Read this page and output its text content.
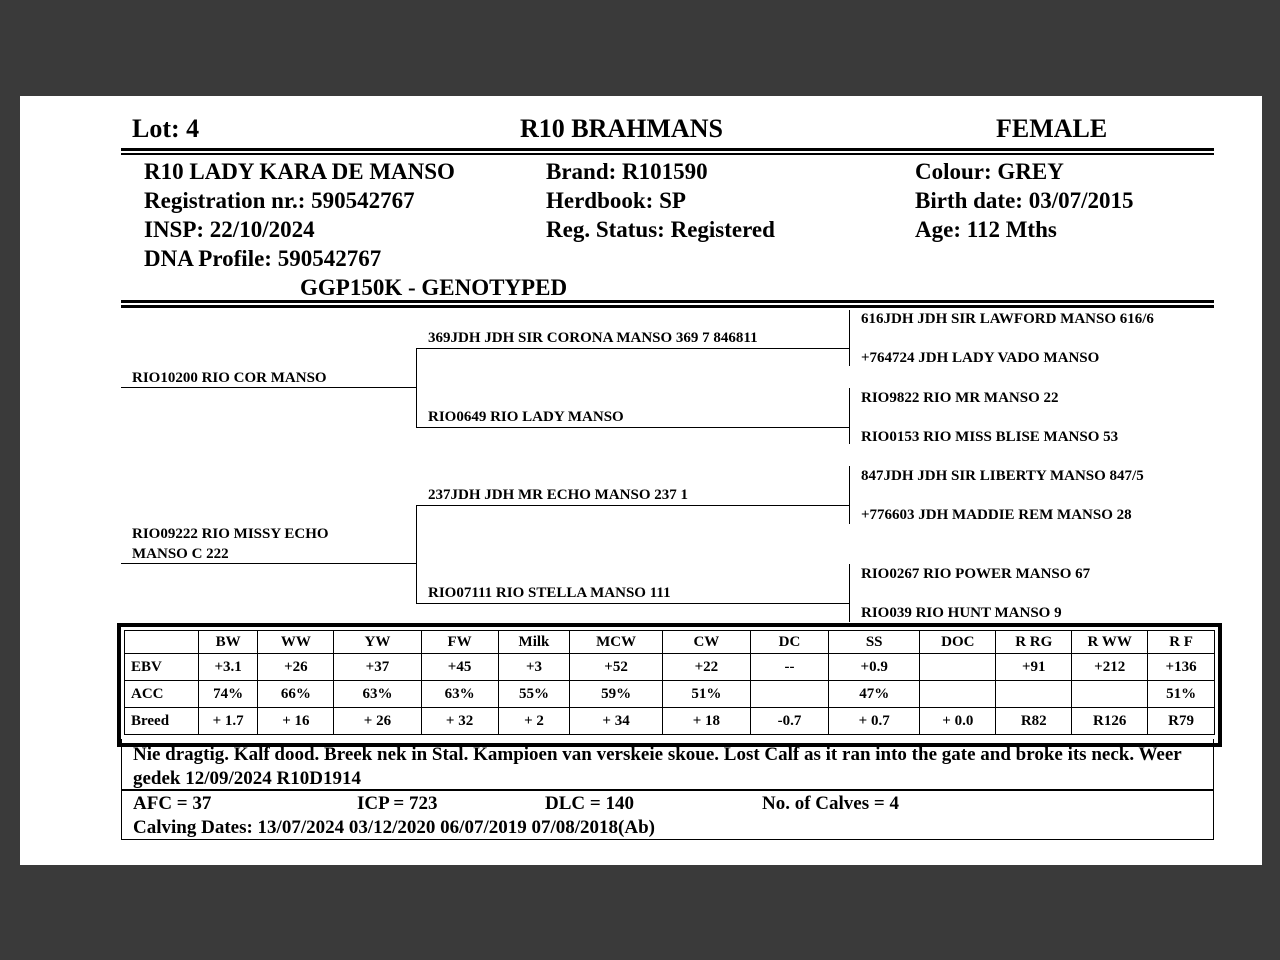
Lot: 4	R10 BRAHMANS	FEMALE
R10 LADY KARA DE MANSO
Registration nr.: 590542767
INSP: 22/10/2024
DNA Profile: 590542767
GGP150K - GENOTYPED
Brand: R101590
Herdbook: SP
Reg. Status: Registered
Colour: GREY
Birth date: 03/07/2015
Age: 112 Mths
RIO10200 RIO COR MANSO
RIO09222 RIO MISSY ECHO
MANSO C 222
369JDH JDH SIR CORONA MANSO 369 7 846811
RIO0649 RIO LADY MANSO
237JDH JDH MR ECHO MANSO 237 1
RIO07111 RIO STELLA MANSO 111
616JDH JDH SIR LAWFORD MANSO 616/6
+764724 JDH LADY VADO MANSO
RIO9822 RIO MR MANSO 22
RIO0153 RIO MISS BLISE MANSO 53
847JDH JDH SIR LIBERTY MANSO 847/5
+776603 JDH MADDIE REM MANSO 28
RIO0267 RIO POWER MANSO 67
RIO039 RIO HUNT MANSO 9
	BW	WW	YW	FW	Milk	MCW	CW	DC	SS	DOC	R RG	R WW	R F
EBV	+3.1	+26	+37	+45	+3	+52	+22	--	+0.9		+91	+212	+136
ACC	74%	66%	63%	63%	55%	59%	51%		47%				51%
Breed	+ 1.7	+ 16	+ 26	+ 32	+ 2	+ 34	+ 18	-0.7	+ 0.7	+ 0.0	R82	R126	R79
Nie dragtig. Kalf dood. Breek nek in Stal. Kampioen van verskeie skoue. Lost Calf as it ran into the gate and broke its neck. Weer gedek 12/09/2024 R10D1914
AFC = 37	ICP = 723	DLC = 140	No. of Calves = 4
Calving Dates: 13/07/2024 03/12/2020 06/07/2019 07/08/2018(Ab)
